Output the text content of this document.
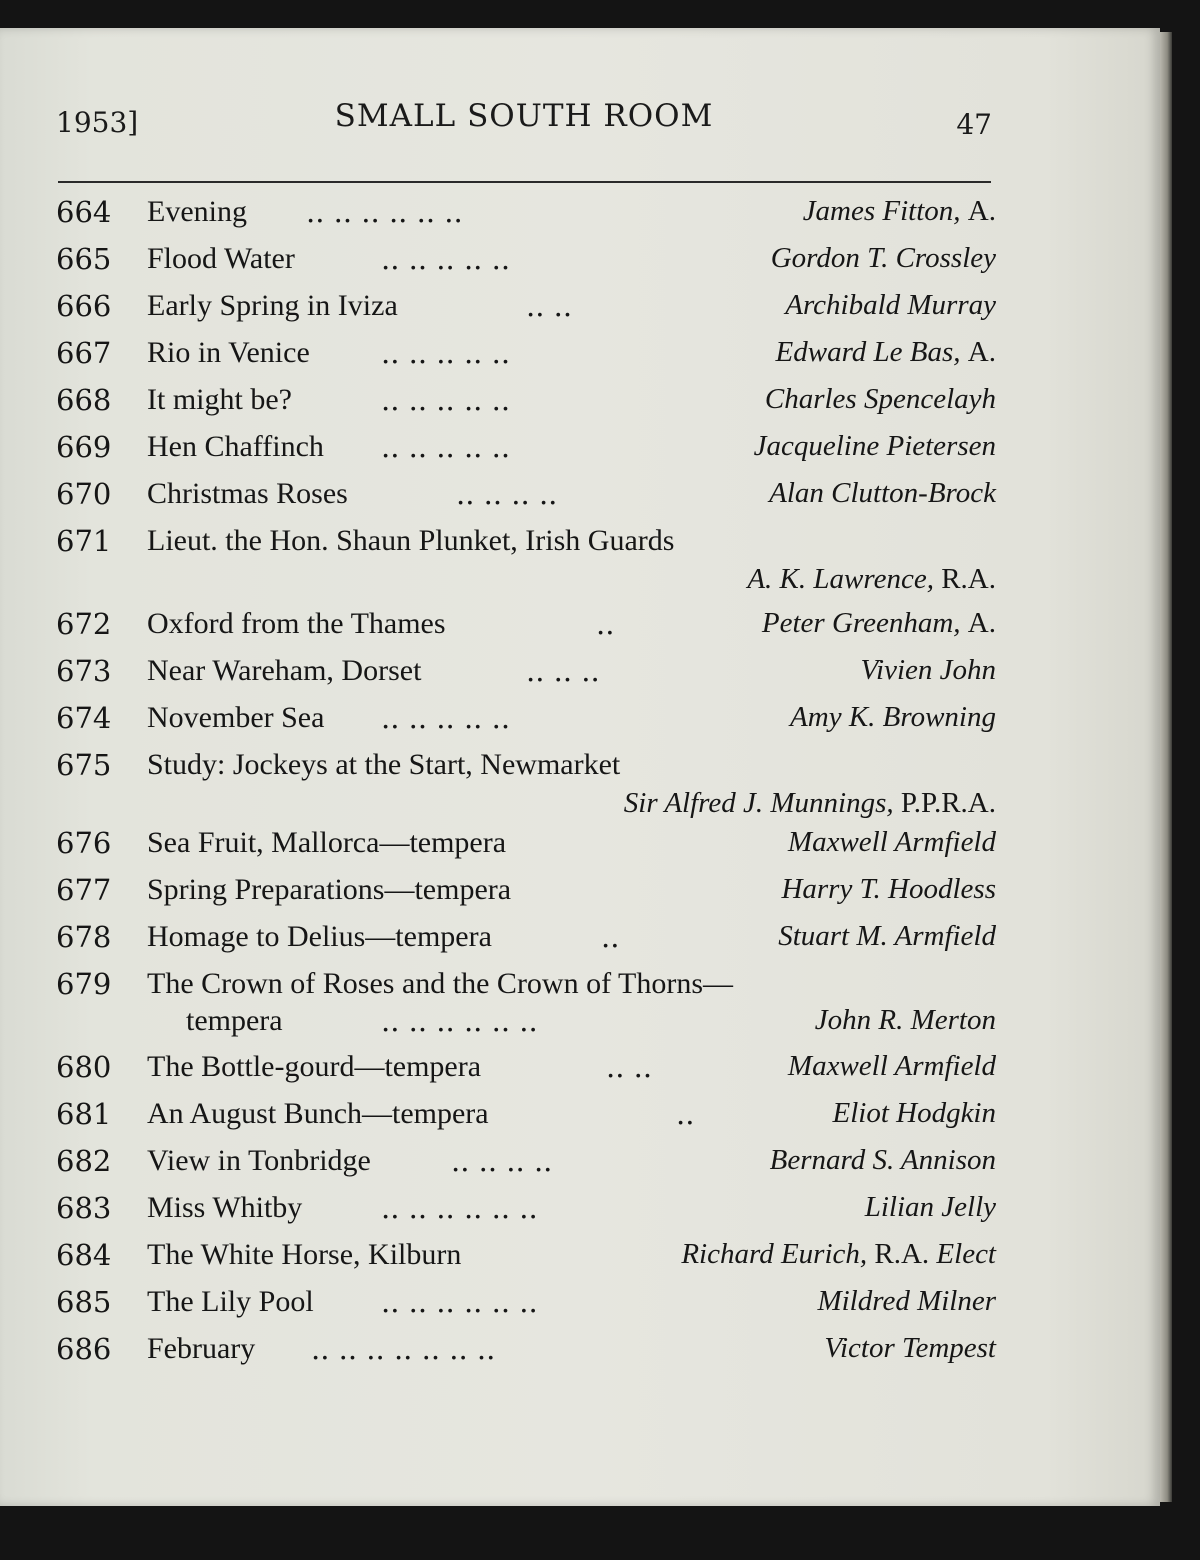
1953]	SMALL SOUTH ROOM	47
664 Evening .. .. .. .. .. ..	James Fitton, A.
665 Flood Water	.. .. .. .. ..	Gordon T. Crossley
666 Early Spring in Iviza	.. ..	Archibald Murray
667 Rio in Venice .. .. .. .. ..	Edward Le Bas, A.
668 It might be?	.. .. .. .. ..	Charles Spencelayh
669 Hen Chaffinch .. .. .. .. ..	Jacqueline Pietersen
670 Christmas Roses	.. .. .. ..	Alan Clutton-Brock
671 Lieut. the Hon. Shaun Plunket, Irish Guards
A. K. Lawrence, R.A.
672 Oxford from the Thames	..	Peter Greenham, A.
673 Near Wareham, Dorset	.. .. ..	Vivien John
674 November Sea .. .. .. .. ..	Amy K. Browning
675 Study: Jockeys at the Start, Newmarket
Sir Alfred J. Munnings, P.P.R.A.
676 Sea Fruit, Mallorca—tempera	Maxwell Armfield
677 Spring Preparations—tempera	Harry T. Hoodless
678 Homage to Delius—tempera	..	Stuart M. Armfield
679 The Crown of Roses and the Crown of Thorns—
tempera	.. .. .. .. .. ..	John R. Merton
680 The Bottle-gourd—tempera	.. ..	Maxwell Armfield
681 An August Bunch—tempera	..	Eliot Hodgkin
682 View in Tonbridge	.. .. .. ..	Bernard S. Annison
683 Miss Whitby	.. .. .. .. .. ..	Lilian Jelly
684 The White Horse, Kilburn	Richard Eurich, R.A. Elect
685 The Lily Pool .. .. .. .. .. ..	Mildred Milner
686 February .. .. .. .. .. .. ..	Victor Tempest
